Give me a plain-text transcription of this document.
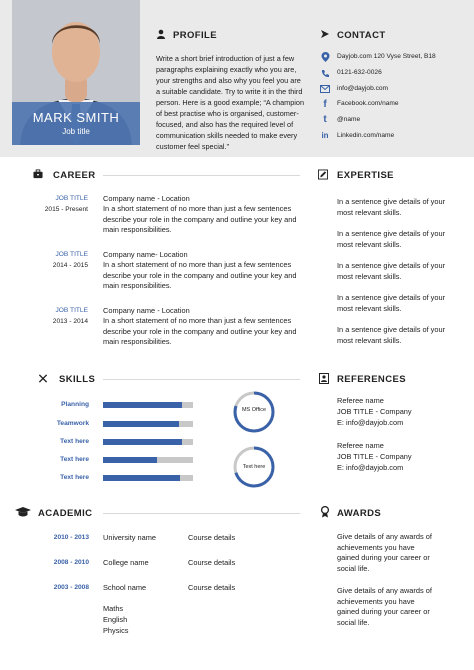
MARK SMITH
Job title
PROFILE
Write a short brief introduction of just a few paragraphs explaining exactly who you are, your strengths and also why you feel you are a suitable candidate. Try to write it in the third person. Here is a good example; “A champion of best practise who is organised, customer-focused, and also has the required level of communication skills needed to make every customer feel special.”
CONTACT
Dayjob.com 120 Vyse Street, B18
0121-632-0026
info@dayjob.com
f Facebook.com/name
t @name
in Linkedin.com/name
CAREER
JOB TITLE
2015 - Present
Company name - Location
In a short statement of no more than just a few sentences describe your role in the company and outline your key and main responsibilities.
JOB TITLE
2014 - 2015
Company name- Location
In a short statement of no more than just a few sentences describe your role in the company and outline your key and main responsibilities.
JOB TITLE
2013 - 2014
Company name - Location
In a short statement of no more than just a few sentences describe your role in the company and outline your key and main responsibilities.
EXPERTISE
In a sentence give details of your most relevant skills.
In a sentence give details of your most relevant skills.
In a sentence give details of your most relevant skills.
In a sentence give details of your most relevant skills.
In a sentence give details of your most relevant skills.
SKILLS
Planning
Teamwork
Text here
Text here
Text here
MS Office
Text here
REFERENCES
Referee name
JOB TITLE - Company
E: info@dayjob.com
Referee name
JOB TITLE - Company
E: info@dayjob.com
ACADEMIC
2010 - 2013 University name	Course details
2008 - 2010 College name	Course details
2003 - 2008 School name	Course details
Maths
English
Physics
AWARDS
Give details of any awards of achievements you have gained during your career or social life.
Give details of any awards of achievements you have gained during your career or social life.
